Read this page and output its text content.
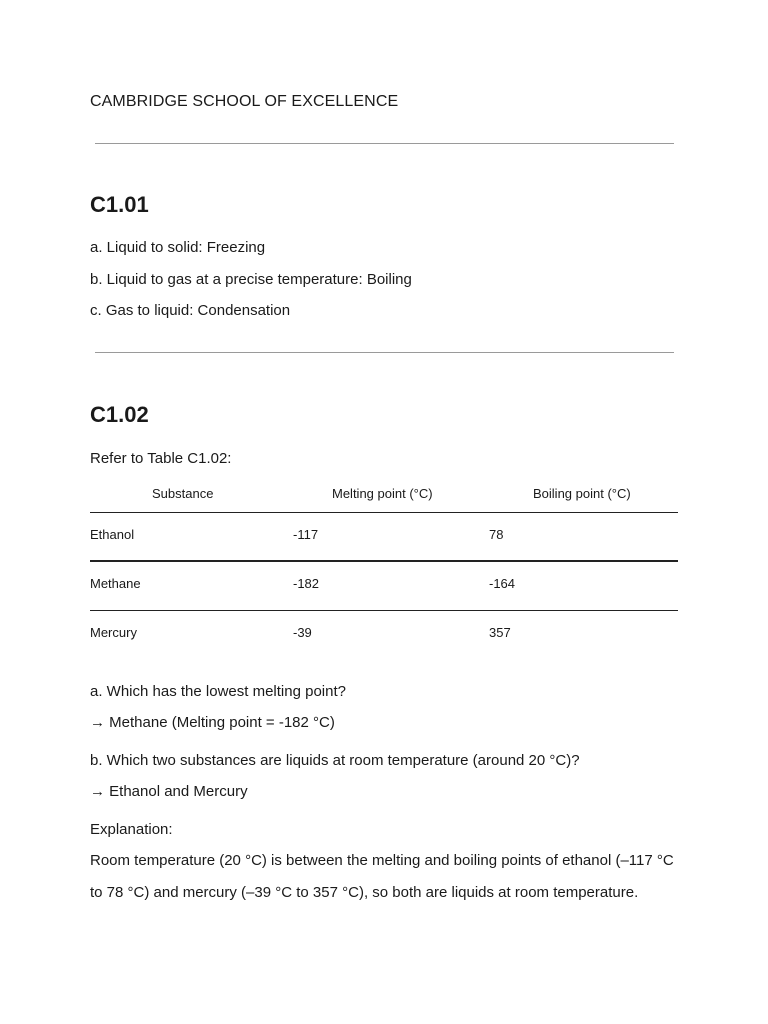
CAMBRIDGE SCHOOL OF EXCELLENCE
C1.01
a. Liquid to solid: Freezing
b. Liquid to gas at a precise temperature: Boiling
c. Gas to liquid: Condensation
C1.02
Refer to Table C1.02:
Substance	Melting point (°C)	Boiling point (°C)
Ethanol	-117	78
Methane	-182	-164
Mercury	-39	357
a. Which has the lowest melting point?
→ Methane (Melting point = -182 °C)
b. Which two substances are liquids at room temperature (around 20 °C)?
→ Ethanol and Mercury
Explanation:
Room temperature (20 °C) is between the melting and boiling points of ethanol (–117 °C
to 78 °C) and mercury (–39 °C to 357 °C), so both are liquids at room temperature.
